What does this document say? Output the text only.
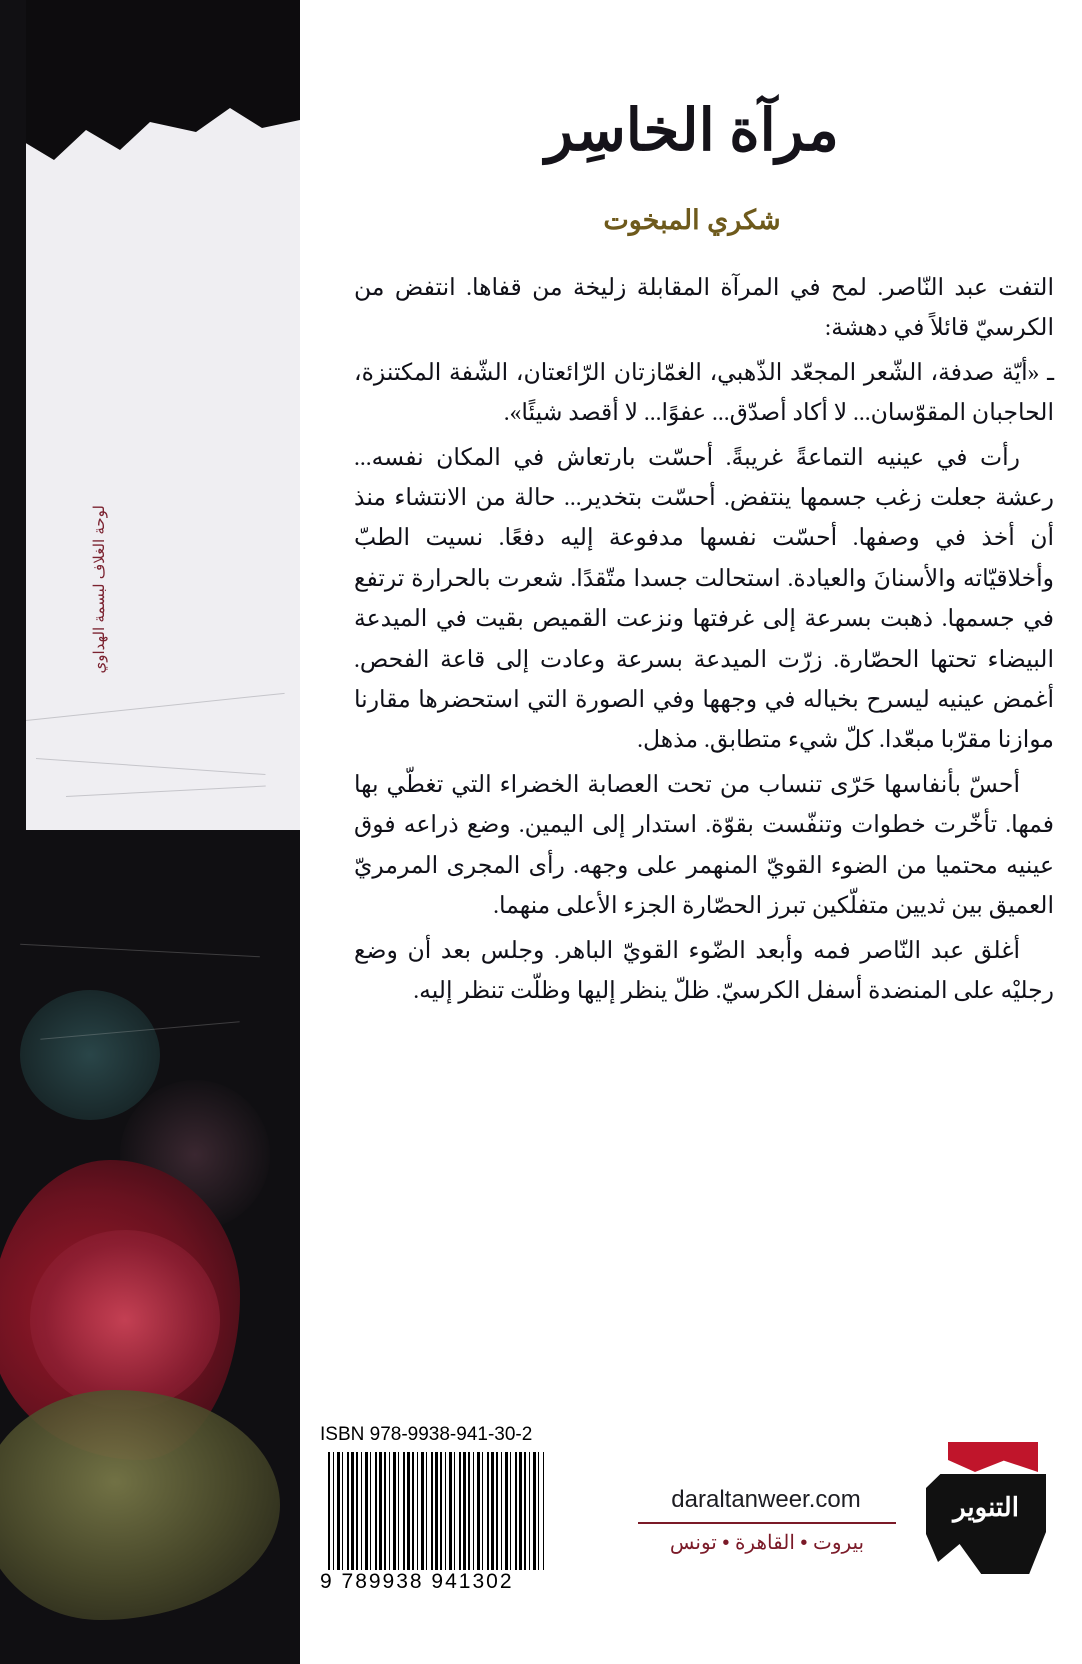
لوحة الغلاف لبسمة الهداوي
مرآة الخاسِر
شكري المبخوت

التفت عبد النّاصر. لمح في المرآة المقابلة زليخة من قفاها. انتفض من الكرسيّ قائلاً في دهشة:

ـ «أيّة صدفة، الشّعر المجعّد الذّهبي، الغمّازتان الرّائعتان، الشّفة المكتنزة، الحاجبان المقوّسان... لا أكاد أصدّق... عفوًا... لا أقصد شيئًا».

رأت في عينيه التماعةً غريبةً. أحسّت بارتعاش في المكان نفسه... رعشة جعلت زغب جسمها ينتفض. أحسّت بتخدير... حالة من الانتشاء منذ أن أخذ في وصفها. أحسّت نفسها مدفوعة إليه دفعًا. نسيت الطبّ وأخلاقيّاته والأسنانَ والعيادة. استحالت جسدا متّقدًا. شعرت بالحرارة ترتفع في جسمها. ذهبت بسرعة إلى غرفتها ونزعت القميص بقيت في الميدعة البيضاء تحتها الحصّارة. زرّت الميدعة بسرعة وعادت إلى قاعة الفحص. أغمض عينيه ليسرح بخياله في وجهها وفي الصورة التي استحضرها مقارنا موازنا مقرّبا مبعّدا. كلّ شيء متطابق. مذهل.

أحسّ بأنفاسها حَرّى تنساب من تحت العصابة الخضراء التي تغطّي بها فمها. تأخّرت خطوات وتنفّست بقوّة. استدار إلى اليمين. وضع ذراعه فوق عينيه محتميا من الضوء القويّ المنهمر على وجهه. رأى المجرى المرمريّ العميق بين ثديين متفلّكين تبرز الحصّارة الجزء الأعلى منهما.

أغلق عبد النّاصر فمه وأبعد الضّوء القويّ الباهر. وجلس بعد أن وضع رجليْه على المنضدة أسفل الكرسيّ. ظلّ ينظر إليها وظلّت تنظر إليه.

ISBN 978-9938-941-30-2
9 789938 941302
التنوير
daraltanweer.com
بيروت • القاهرة • تونس
